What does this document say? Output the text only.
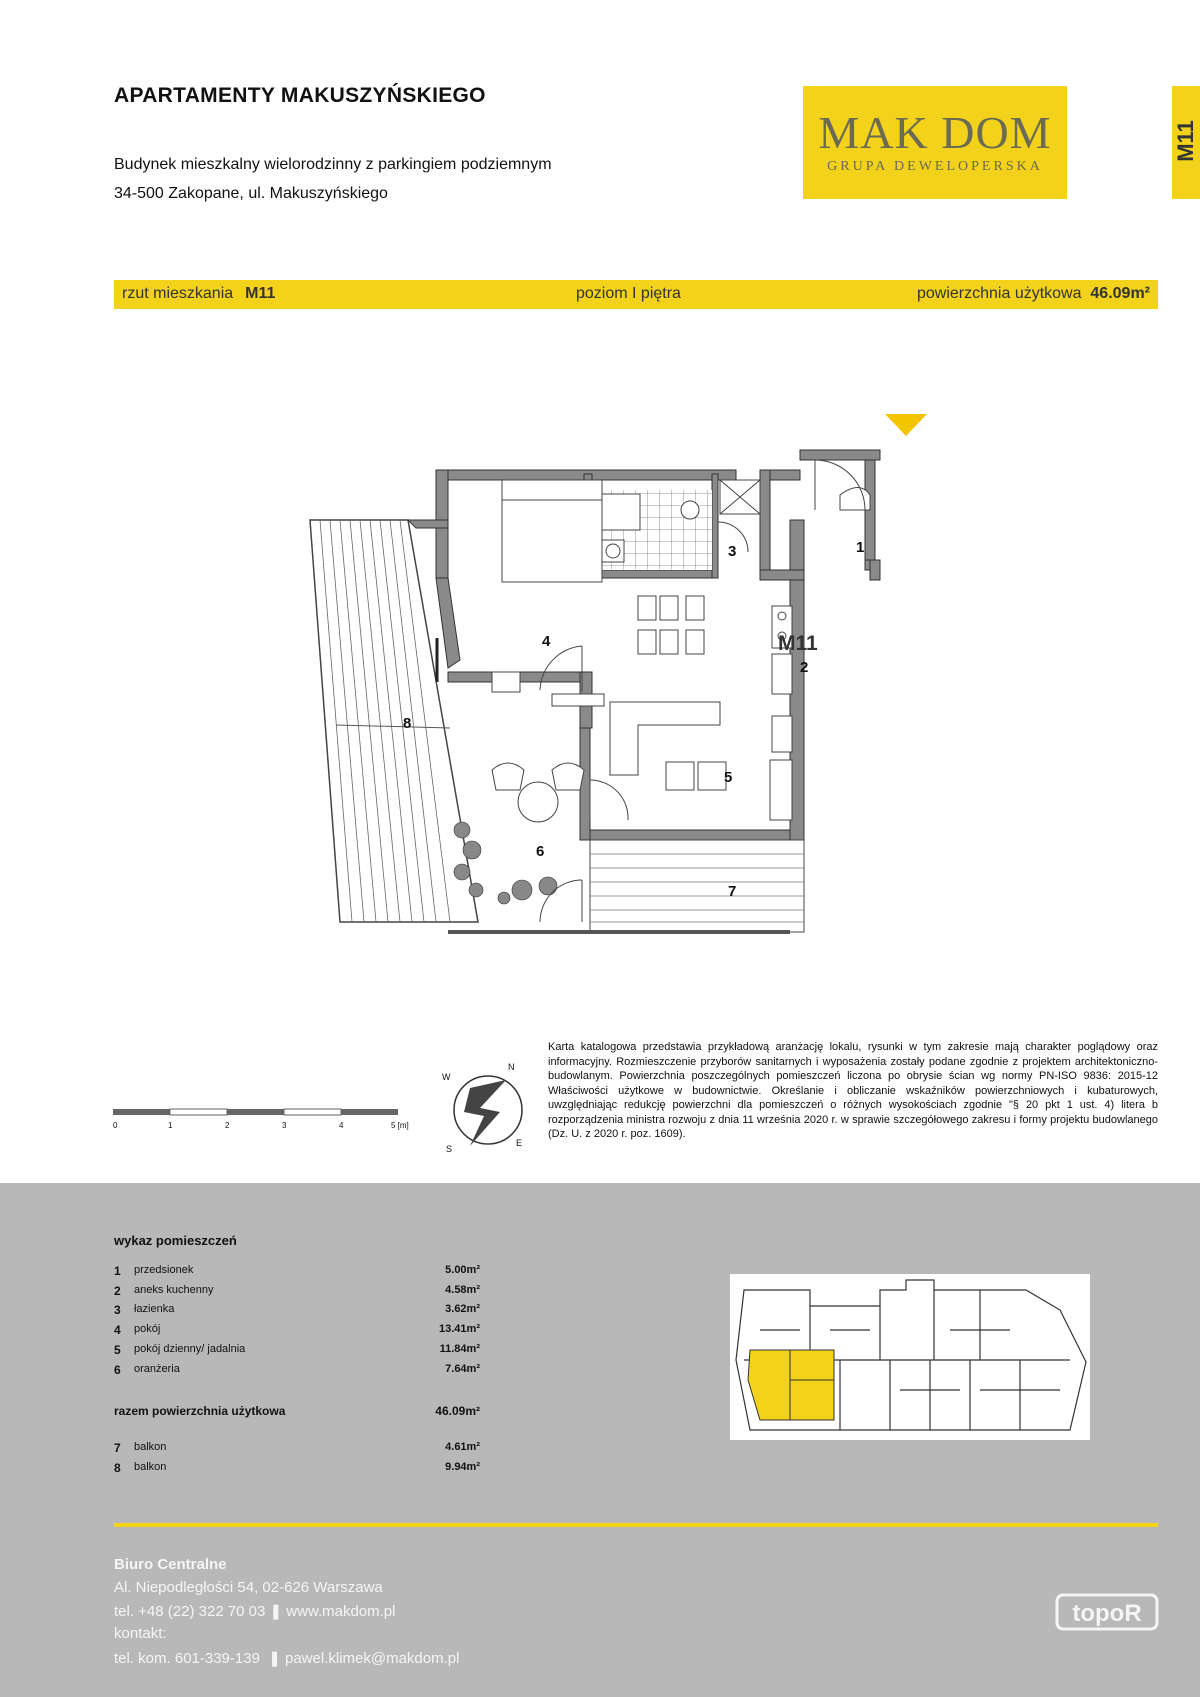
APARTAMENTY MAKUSZYŃSKIEGO
Budynek mieszkalny wielorodzinny z parkingiem podziemnym
34-500 Zakopane, ul. Makuszyńskiego
MAK DOM
GRUPA DEWELOPERSKA
M11
rzut mieszkania M11	poziom I piętra	powierzchnia użytkowa 46.09m²
1
2
3
4
5
6
7
8
M11
0	1	2	3	4	5 [m]
W
N
S
E
Karta katalogowa przedstawia przykładową aranżację lokalu, rysunki w tym zakresie mają charakter poglądowy oraz informacyjny. Rozmieszczenie przyborów sanitarnych i wyposażenia zostały podane zgodnie z projektem architektoniczno-budowlanym. Powierzchnia poszczególnych pomieszczeń liczona po obrysie ścian wg normy PN-ISO 9836: 2015-12 Właściwości użytkowe w budownictwie. Określanie i obliczanie wskaźników powierzchniowych i kubaturowych, uwzględniając redukcję powierzchni dla pomieszczeń o różnych wysokościach zgodnie "§ 20 pkt 1 ust. 4) litera b rozporządzenia ministra rozwoju z dnia 11 września 2020 r. w sprawie szczegółowego zakresu i formy projektu budowlanego (Dz. U. z 2020 r. poz. 1609).
wykaz pomieszczeń
1 przedsionek	5.00m²
2 aneks kuchenny	4.58m²
3 łazienka	3.62m²
4 pokój	13.41m²
5 pokój dzienny/ jadalnia	11.84m²
6 oranżeria	7.64m²
razem powierzchnia użytkowa	46.09m²
7 balkon	4.61m²
8 balkon	9.94m²
Biuro Centralne
Al. Niepodległości 54, 02-626 Warszawa
tel. +48 (22) 322 70 03 ❚ www.makdom.pl
kontakt:
tel. kom. 601-339-139  ❚ pawel.klimek@makdom.pl
topoR
